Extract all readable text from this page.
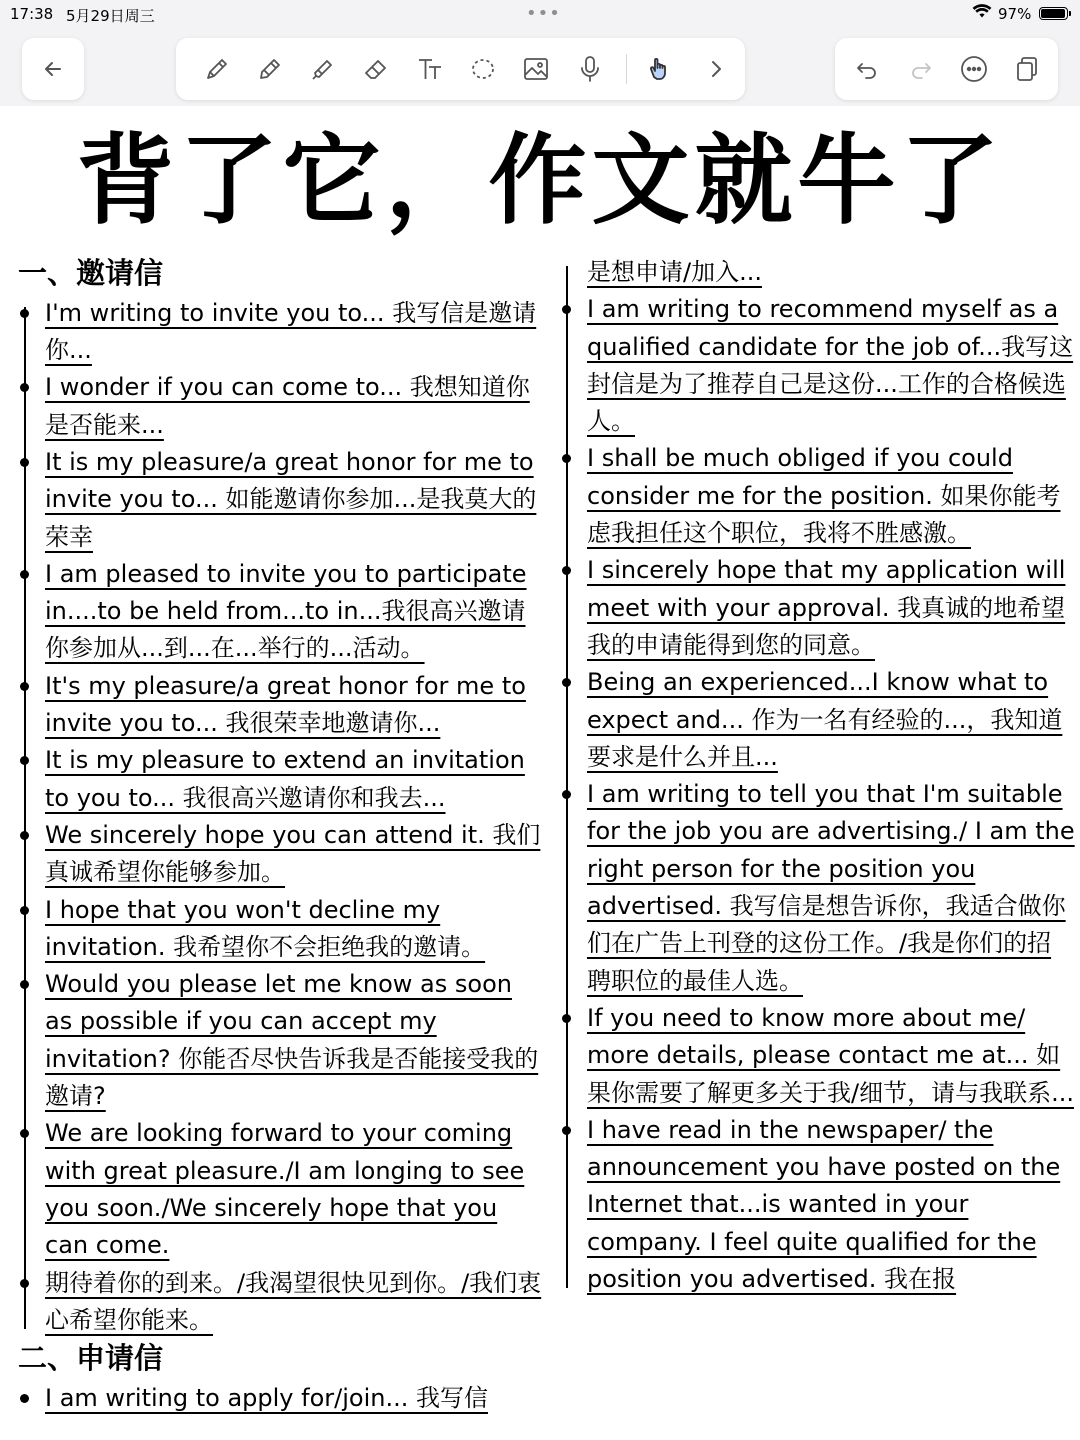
17:38 5月29日周三	•••	97%
背了它，作文就牛了
一、邀请信
I'm writing to invite you to... 我写信是邀请你...
I wonder if you can come to... 我想知道你是否能来...
It is my pleasure/a great honor for me to invite you to... 如能邀请你参加...是我莫大的荣幸
I am pleased to invite you to participate in....to be held from...to in...我很高兴邀请你参加从...到...在...举行的...活动。
It's my pleasure/a great honor for me to invite you to... 我很荣幸地邀请你...
It is my pleasure to extend an invitation to you to... 我很高兴邀请你和我去...
We sincerely hope you can attend it. 我们真诚希望你能够参加。
I hope that you won't decline my invitation. 我希望你不会拒绝我的邀请。
Would you please let me know as soon as possible if you can accept my invitation? 你能否尽快告诉我是否能接受我的邀请?
We are looking forward to your coming with great pleasure./I am longing to see you soon./We sincerely hope that you can come.
期待着你的到来。/我渴望很快见到你。/我们衷心希望你能来。
二、申请信
I am writing to apply for/join... 我写信
是想申请/加入...
I am writing to recommend myself as a qualified candidate for the job of...我写这封信是为了推荐自己是这份...工作的合格候选人。
I shall be much obliged if you could consider me for the position. 如果你能考虑我担任这个职位，我将不胜感激。
I sincerely hope that my application will meet with your approval. 我真诚的地希望我的申请能得到您的同意。
Being an experienced...I know what to expect and... 作为一名有经验的...，我知道要求是什么并且...
I am writing to tell you that I'm suitable for the job you are advertising./ I am the right person for the position you advertised. 我写信是想告诉你，我适合做你们在广告上刊登的这份工作。/我是你们的招聘职位的最佳人选。
If you need to know more about me/ more details, please contact me at... 如果你需要了解更多关于我/细节，请与我联系...
I have read in the newspaper/ the announcement you have posted on the Internet that...is wanted in your company. I feel quite qualified for the position you advertised. 我在报
